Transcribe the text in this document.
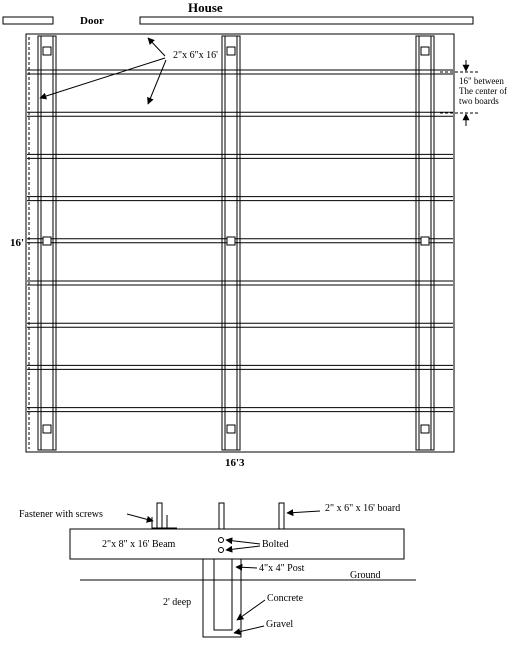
Door
House
2"x 6"x 16'
16" between
The center of
two boards
16'
16'3
Fastener with screws
2" x 6" x 16' board
2"x 8" x 16' Beam	Bolted
4"x 4" Post
Ground
2' deep	Concrete
Gravel
